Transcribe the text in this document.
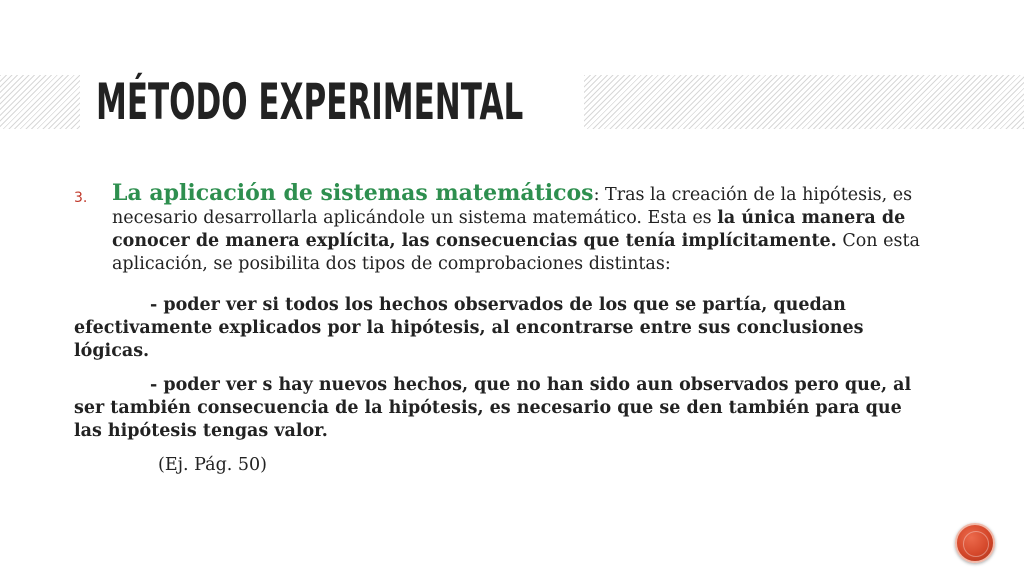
MÉTODO EXPERIMENTAL
3. La aplicación de sistemas matemáticos: Tras la creación de la hipótesis, es necesario desarrollarla aplicándole un sistema matemático. Esta es la única manera de conocer de manera explícita, las consecuencias que tenía implícitamente. Con esta aplicación, se posibilita dos tipos de comprobaciones distintas:

- poder ver si todos los hechos observados de los que se partía, quedan efectivamente explicados por la hipótesis, al encontrarse entre sus conclusiones lógicas.

- poder ver s hay nuevos hechos, que no han sido aun observados pero que, al ser también consecuencia de la hipótesis, es necesario que se den también para que las hipótesis tengas valor.

(Ej. Pág. 50)
